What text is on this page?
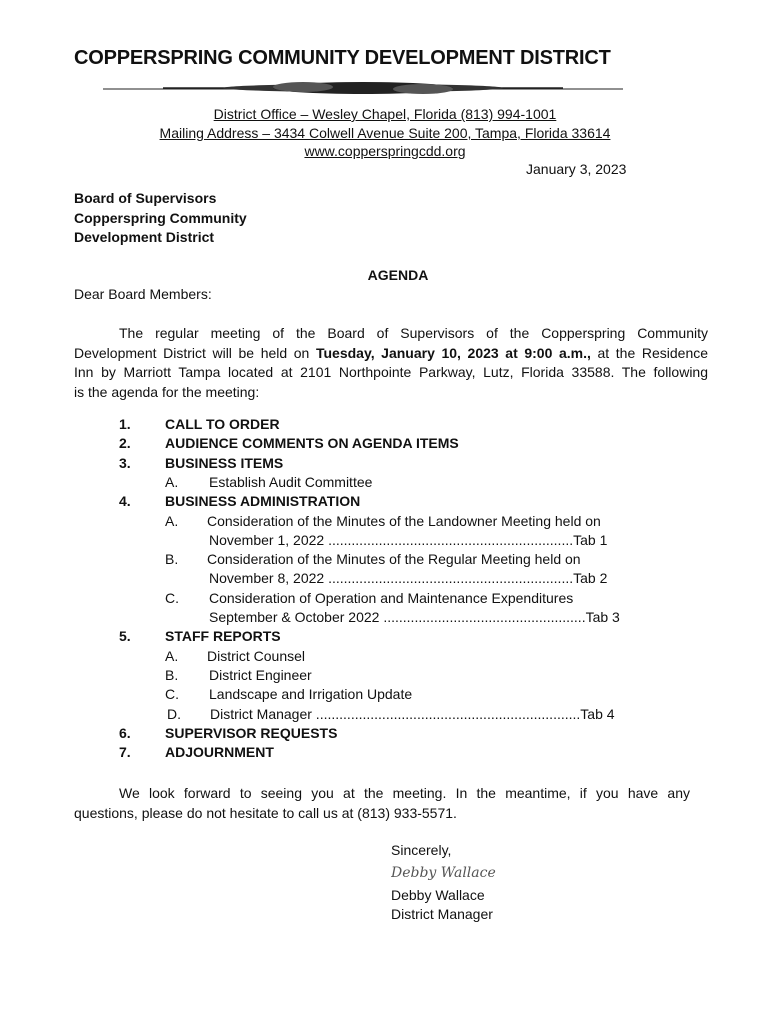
COPPERSPRING COMMUNITY DEVELOPMENT DISTRICT
District Office – Wesley Chapel, Florida (813) 994-1001
Mailing Address – 3434 Colwell Avenue Suite 200, Tampa, Florida 33614
www.copperspringcdd.org
January 3, 2023
Board of Supervisors
Copperspring Community
Development District
AGENDA
Dear Board Members:
The regular meeting of the Board of Supervisors of the Copperspring Community
Development District will be held on Tuesday, January 10, 2023 at 9:00 a.m., at the Residence
Inn by Marriott Tampa located at 2101 Northpointe Parkway, Lutz, Florida 33588. The following
is the agenda for the meeting:
1. CALL TO ORDER
2. AUDIENCE COMMENTS ON AGENDA ITEMS
3. BUSINESS ITEMS
A. Establish Audit Committee
4. BUSINESS ADMINISTRATION
A. Consideration of the Minutes of the Landowner Meeting held on
November 1, 2022 ...............................................................Tab 1
B. Consideration of the Minutes of the Regular Meeting held on
November 8, 2022 ...............................................................Tab 2
C. Consideration of Operation and Maintenance Expenditures
September & October 2022 ....................................................Tab 3
5. STAFF REPORTS
A. District Counsel
B. District Engineer
C. Landscape and Irrigation Update
D. District Manager ....................................................................Tab 4
6. SUPERVISOR REQUESTS
7. ADJOURNMENT
We look forward to seeing you at the meeting. In the meantime, if you have any
questions, please do not hesitate to call us at (813) 933-5571.
Sincerely,
Debby Wallace
Debby Wallace
District Manager
